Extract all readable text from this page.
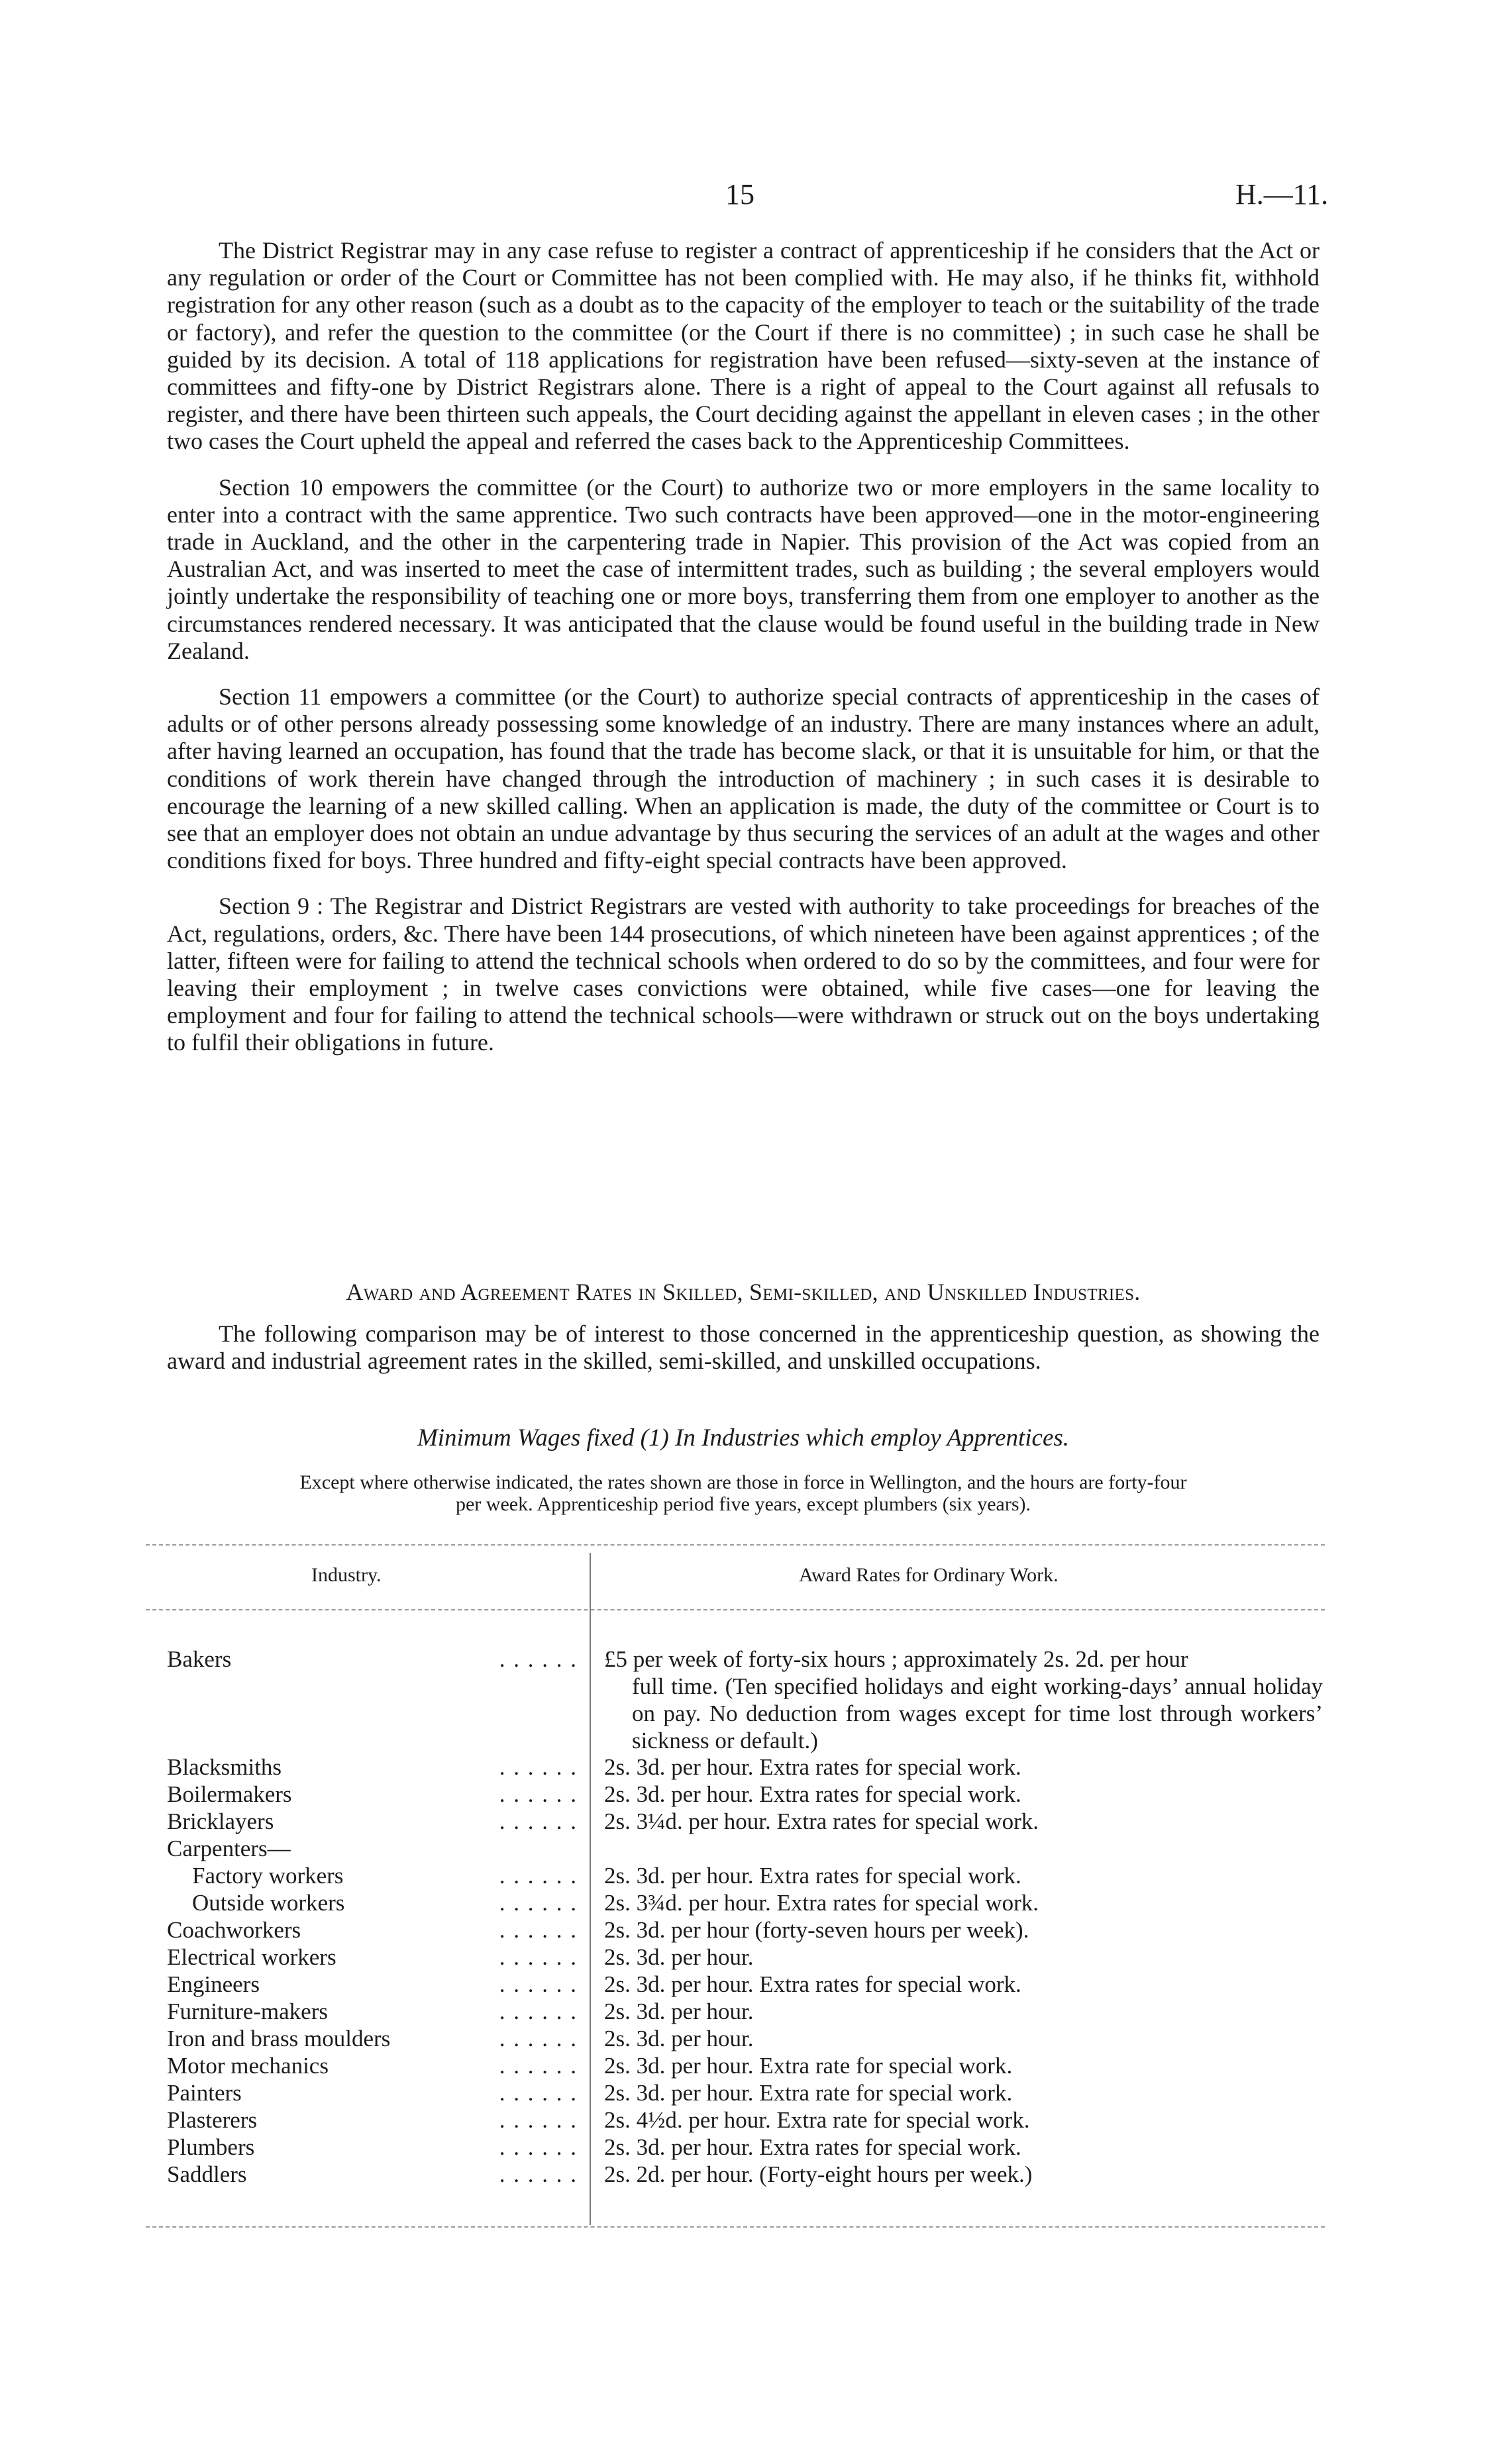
15	H.—11.

The District Registrar may in any case refuse to register a contract of apprenticeship if he considers that the Act or any regulation or order of the Court or Committee has not been complied with. He may also, if he thinks fit, withhold registration for any other reason (such as a doubt as to the capacity of the employer to teach or the suitability of the trade or factory), and refer the question to the committee (or the Court if there is no committee) ; in such case he shall be guided by its decision. A total of 118 applications for registration have been refused—sixty-seven at the instance of committees and fifty-one by District Registrars alone. There is a right of appeal to the Court against all refusals to register, and there have been thirteen such appeals, the Court deciding against the appellant in eleven cases ; in the other two cases the Court upheld the appeal and referred the cases back to the Apprenticeship Committees.

Section 10 empowers the committee (or the Court) to authorize two or more employers in the same locality to enter into a contract with the same apprentice. Two such contracts have been approved—one in the motor-engineering trade in Auckland, and the other in the carpentering trade in Napier. This provision of the Act was copied from an Australian Act, and was inserted to meet the case of intermittent trades, such as building ; the several employers would jointly undertake the responsibility of teaching one or more boys, transferring them from one employer to another as the circumstances rendered necessary. It was anticipated that the clause would be found useful in the building trade in New Zealand.

Section 11 empowers a committee (or the Court) to authorize special contracts of apprenticeship in the cases of adults or of other persons already possessing some knowledge of an industry. There are many instances where an adult, after having learned an occupation, has found that the trade has become slack, or that it is unsuitable for him, or that the conditions of work therein have changed through the introduction of machinery ; in such cases it is desirable to encourage the learning of a new skilled calling. When an application is made, the duty of the committee or Court is to see that an employer does not obtain an undue advantage by thus securing the services of an adult at the wages and other conditions fixed for boys. Three hundred and fifty-eight special contracts have been approved.

Section 9 : The Registrar and District Registrars are vested with authority to take proceedings for breaches of the Act, regulations, orders, &c. There have been 144 prosecutions, of which nineteen have been against apprentices ; of the latter, fifteen were for failing to attend the technical schools when ordered to do so by the committees, and four were for leaving their employment ; in twelve cases convictions were obtained, while five cases—one for leaving the employment and four for failing to attend the technical schools—were withdrawn or struck out on the boys undertaking to fulfil their obligations in future.

Award and Agreement Rates in Skilled, Semi-skilled, and Unskilled Industries.

The following comparison may be of interest to those concerned in the apprenticeship question, as showing the award and industrial agreement rates in the skilled, semi-skilled, and unskilled occupations.

Minimum Wages fixed (1) In Industries which employ Apprentices.

Except where otherwise indicated, the rates shown are those in force in Wellington, and the hours are forty-four
per week. Apprenticeship period five years, except plumbers (six years).

Industry.	Award Rates for Ordinary Work.
Bakers	. . . . . . £5 per week of forty-six hours ; approximately 2s. 2d. per hour
full time. (Ten specified holidays and eight working-days’ annual holiday on pay. No deduction from wages except for time lost through workers’ sickness or default.)
Blacksmiths	. . . . . . 2s. 3d. per hour. Extra rates for special work.
Boilermakers	. . . . . . 2s. 3d. per hour. Extra rates for special work.
Bricklayers	. . . . . . 2s. 3¼d. per hour. Extra rates for special work.
Carpenters—
Factory workers	. . . . . . 2s. 3d. per hour. Extra rates for special work.
Outside workers	. . . . . . 2s. 3¾d. per hour. Extra rates for special work.
Coachworkers	. . . . . . 2s. 3d. per hour (forty-seven hours per week).
Electrical workers	. . . . . . 2s. 3d. per hour.
Engineers	. . . . . . 2s. 3d. per hour. Extra rates for special work.
Furniture-makers	. . . . . . 2s. 3d. per hour.
Iron and brass moulders	. . . . . . 2s. 3d. per hour.
Motor mechanics	. . . . . . 2s. 3d. per hour. Extra rate for special work.
Painters	. . . . . . 2s. 3d. per hour. Extra rate for special work.
Plasterers	. . . . . . 2s. 4½d. per hour. Extra rate for special work.
Plumbers	. . . . . . 2s. 3d. per hour. Extra rates for special work.
Saddlers	. . . . . . 2s. 2d. per hour. (Forty-eight hours per week.)
